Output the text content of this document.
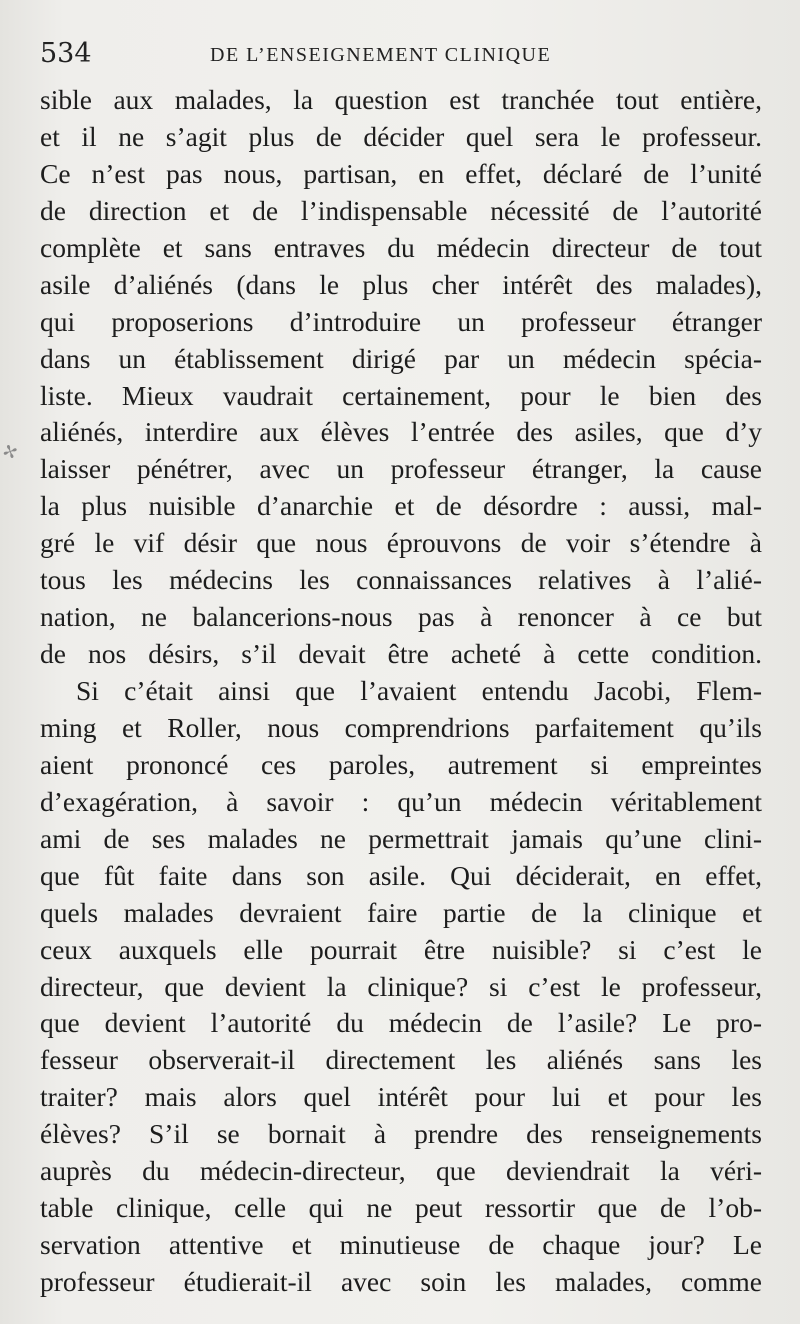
534	DE L’ENSEIGNEMENT CLINIQUE
✢
sible aux malades, la question est tranchée tout entière,
et il ne s’agit plus de décider quel sera le professeur.
Ce n’est pas nous, partisan, en effet, déclaré de l’unité
de direction et de l’indispensable nécessité de l’autorité
complète et sans entraves du médecin directeur de tout
asile d’aliénés (dans le plus cher intérêt des malades),
qui proposerions d’introduire un professeur étranger
dans un établissement dirigé par un médecin spécia-
liste. Mieux vaudrait certainement, pour le bien des
aliénés, interdire aux élèves l’entrée des asiles, que d’y
laisser pénétrer, avec un professeur étranger, la cause
la plus nuisible d’anarchie et de désordre : aussi, mal-
gré le vif désir que nous éprouvons de voir s’étendre à
tous les médecins les connaissances relatives à l’alié-
nation, ne balancerions-nous pas à renoncer à ce but
de nos désirs, s’il devait être acheté à cette condition.
Si c’était ainsi que l’avaient entendu Jacobi, Flem-
ming et Roller, nous comprendrions parfaitement qu’ils
aient prononcé ces paroles, autrement si empreintes
d’exagération, à savoir : qu’un médecin véritablement
ami de ses malades ne permettrait jamais qu’une clini-
que fût faite dans son asile. Qui déciderait, en effet,
quels malades devraient faire partie de la clinique et
ceux auxquels elle pourrait être nuisible? si c’est le
directeur, que devient la clinique? si c’est le professeur,
que devient l’autorité du médecin de l’asile? Le pro-
fesseur observerait-il directement les aliénés sans les
traiter? mais alors quel intérêt pour lui et pour les
élèves? S’il se bornait à prendre des renseignements
auprès du médecin-directeur, que deviendrait la véri-
table clinique, celle qui ne peut ressortir que de l’ob-
servation attentive et minutieuse de chaque jour? Le
professeur étudierait-il avec soin les malades, comme
